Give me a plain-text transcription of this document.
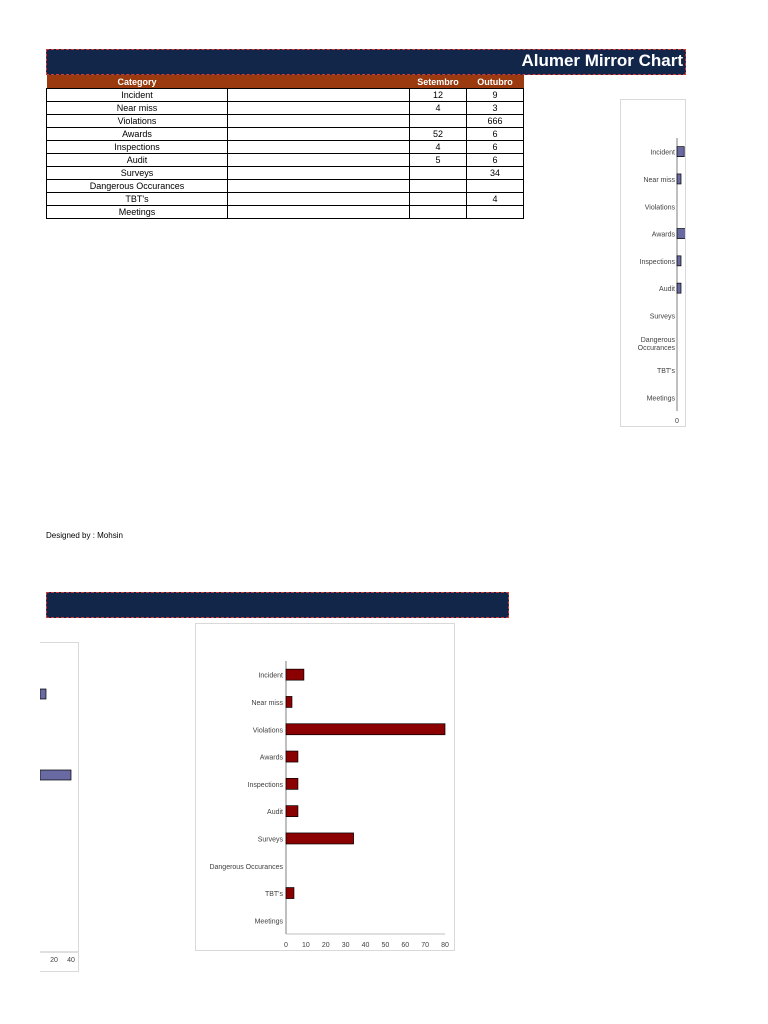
Alumer Mirror Chart
Category		Setembro	Outubro
Incident		12	9
Near miss		4	3
Violations			666
Awards		52	6
Inspections		4	6
Audit		5	6
Surveys			34
Dangerous Occurances			
TBT's			4
Meetings			
Incident
Near miss
Violations
Awards
Inspections
Audit
Surveys
Dangerous
Occurances
TBT's
Meetings
0
Designed by : Mohsin
20 40
Incident
Near miss
Violations
Awards
Inspections
Audit
Surveys
Dangerous Occurances
TBT's
Meetings
0 10 20 30 40 50 60 70 80
